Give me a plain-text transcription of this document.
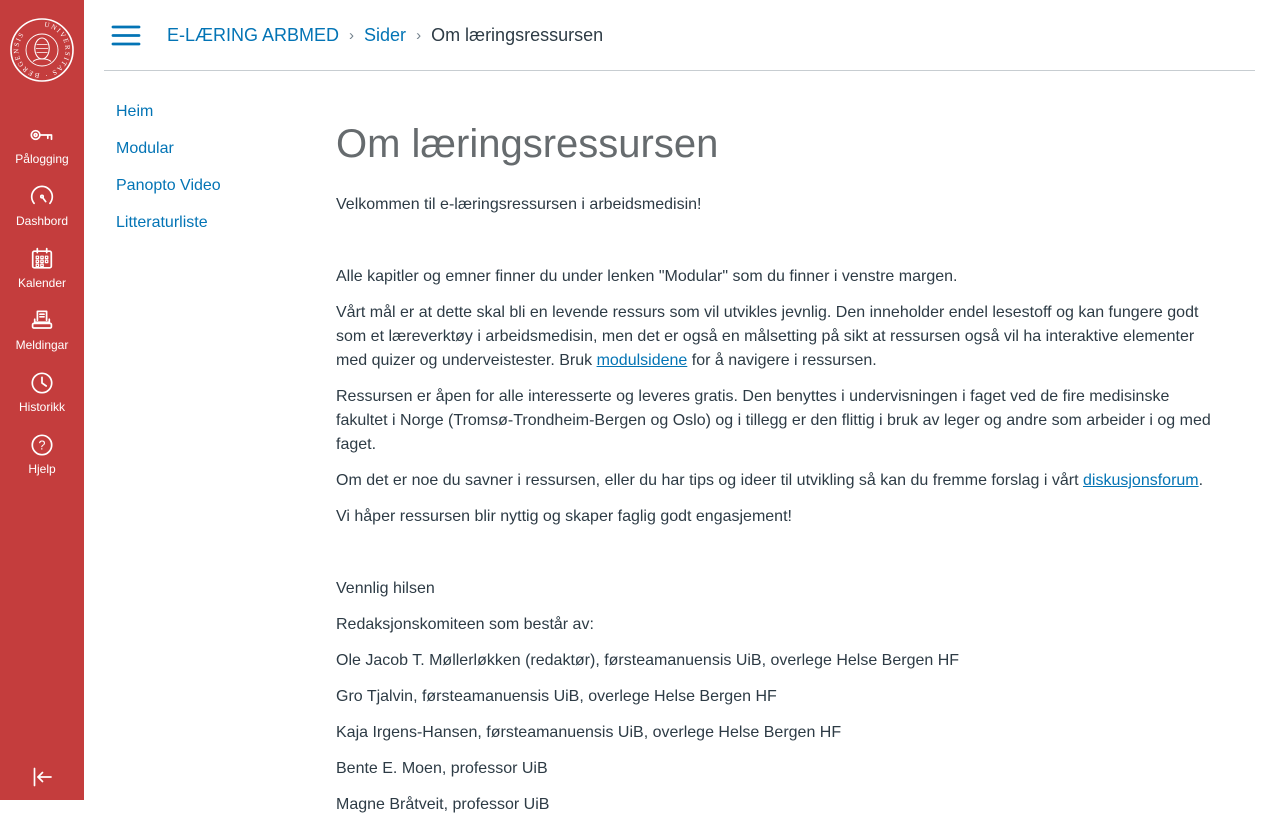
UNIVERSITAS · BERGENSIS
Pålogging
Dashbord
Kalender
Meldingar
Historikk
?
Hjelp
E-LÆRING ARBMED › Sider › Om læringsressursen
Heim
Modular
Panopto Video
Litteraturliste
Om læringsressursen

Velkommen til e-læringsressursen i arbeidsmedisin!

Alle kapitler og emner finner du under lenken "Modular" som du finner i venstre margen.

Vårt mål er at dette skal bli en levende ressurs som vil utvikles jevnlig. Den inneholder endel lesestoff og kan fungere godt som et læreverktøy i arbeidsmedisin, men det er også en målsetting på sikt at ressursen også vil ha interaktive elementer med quizer og underveistester. Bruk modulsidene for å navigere i ressursen.

Ressursen er åpen for alle interesserte og leveres gratis. Den benyttes i undervisningen i faget ved de fire medisinske fakultet i Norge (Tromsø-Trondheim-Bergen og Oslo) og i tillegg er den flittig i bruk av leger og andre som arbeider i og med faget.

Om det er noe du savner i ressursen, eller du har tips og ideer til utvikling så kan du fremme forslag i vårt diskusjonsforum.

Vi håper ressursen blir nyttig og skaper faglig godt engasjement!

Vennlig hilsen

Redaksjonskomiteen som består av:

Ole Jacob T. Møllerløkken (redaktør), førsteamanuensis UiB, overlege Helse Bergen HF

Gro Tjalvin, førsteamanuensis UiB, overlege Helse Bergen HF

Kaja Irgens-Hansen, førsteamanuensis UiB, overlege Helse Bergen HF

Bente E. Moen, professor UiB

Magne Bråtveit, professor UiB
